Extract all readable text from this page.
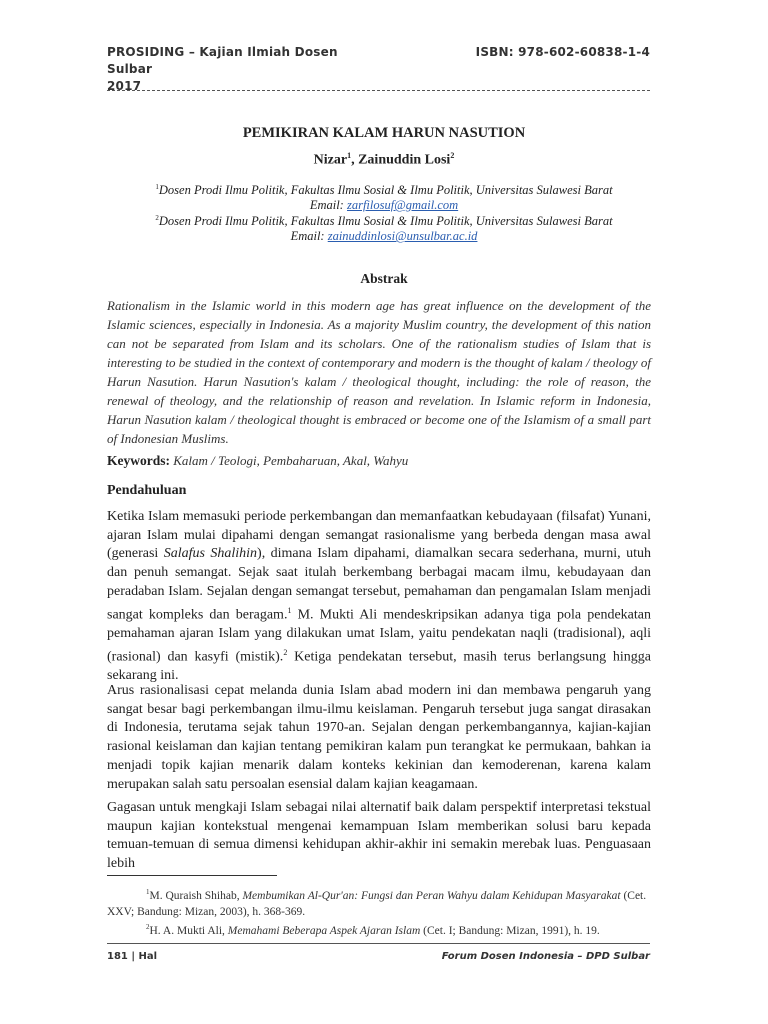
PROSIDING – Kajian Ilmiah Dosen Sulbar
2017
ISBN: 978-602-60838-1-4
PEMIKIRAN KALAM HARUN NASUTION
Nizar$^1$, Zainuddin Losi$^2$
$^1$Dosen Prodi Ilmu Politik, Fakultas Ilmu Sosial & Ilmu Politik, Universitas Sulawesi Barat
Email: zarfilosuf@gmail.com
$^2$Dosen Prodi Ilmu Politik, Fakultas Ilmu Sosial & Ilmu Politik, Universitas Sulawesi Barat
Email: zainuddinlosi@unsulbar.ac.id
Abstrak
Rationalism in the Islamic world in this modern age has great influence on the development of the Islamic sciences, especially in Indonesia. As a majority Muslim country, the development of this nation can not be separated from Islam and its scholars. One of the rationalism studies of Islam that is interesting to be studied in the context of contemporary and modern is the thought of kalam / theology of Harun Nasution. Harun Nasution's kalam / theological thought, including: the role of reason, the renewal of theology, and the relationship of reason and revelation. In Islamic reform in Indonesia, Harun Nasution kalam / theological thought is embraced or become one of the Islamism of a small part of Indonesian Muslims.
Keywords: Kalam / Teologi, Pembaharuan, Akal, Wahyu
Pendahuluan
Ketika Islam memasuki periode perkembangan dan memanfaatkan kebudayaan (filsafat) Yunani, ajaran Islam mulai dipahami dengan semangat rasionalisme yang berbeda dengan masa awal (generasi Salafus Shalihin), dimana Islam dipahami, diamalkan secara sederhana, murni, utuh dan penuh semangat. Sejak saat itulah berkembang berbagai macam ilmu, kebudayaan dan peradaban Islam. Sejalan dengan semangat tersebut, pemahaman dan pengamalan Islam menjadi sangat kompleks dan beragam.$^1$ M. Mukti Ali mendeskripsikan adanya tiga pola pendekatan pemahaman ajaran Islam yang dilakukan umat Islam, yaitu pendekatan naqli (tradisional), aqli (rasional) dan kasyfi (mistik).$^2$ Ketiga pendekatan tersebut, masih terus berlangsung hingga sekarang ini.
Arus rasionalisasi cepat melanda dunia Islam abad modern ini dan membawa pengaruh yang sangat besar bagi perkembangan ilmu-ilmu keislaman. Pengaruh tersebut juga sangat dirasakan di Indonesia, terutama sejak tahun 1970-an. Sejalan dengan perkembangannya, kajian-kajian rasional keislaman dan kajian tentang pemikiran kalam pun terangkat ke permukaan, bahkan ia menjadi topik kajian menarik dalam konteks kekinian dan kemoderenan, karena kalam merupakan salah satu persoalan esensial dalam kajian keagamaan.
Gagasan untuk mengkaji Islam sebagai nilai alternatif baik dalam perspektif interpretasi tekstual maupun kajian kontekstual mengenai kemampuan Islam memberikan solusi baru kepada temuan-temuan di semua dimensi kehidupan akhir-akhir ini semakin merebak luas. Penguasaan lebih
$^1$M. Quraish Shihab, Membumikan Al-Qur'an: Fungsi dan Peran Wahyu dalam Kehidupan Masyarakat (Cet. XXV; Bandung: Mizan, 2003), h. 368-369.
$^2$H. A. Mukti Ali, Memahami Beberapa Aspek Ajaran Islam (Cet. I; Bandung: Mizan, 1991), h. 19.
181 | Hal	Forum Dosen Indonesia – DPD Sulbar
